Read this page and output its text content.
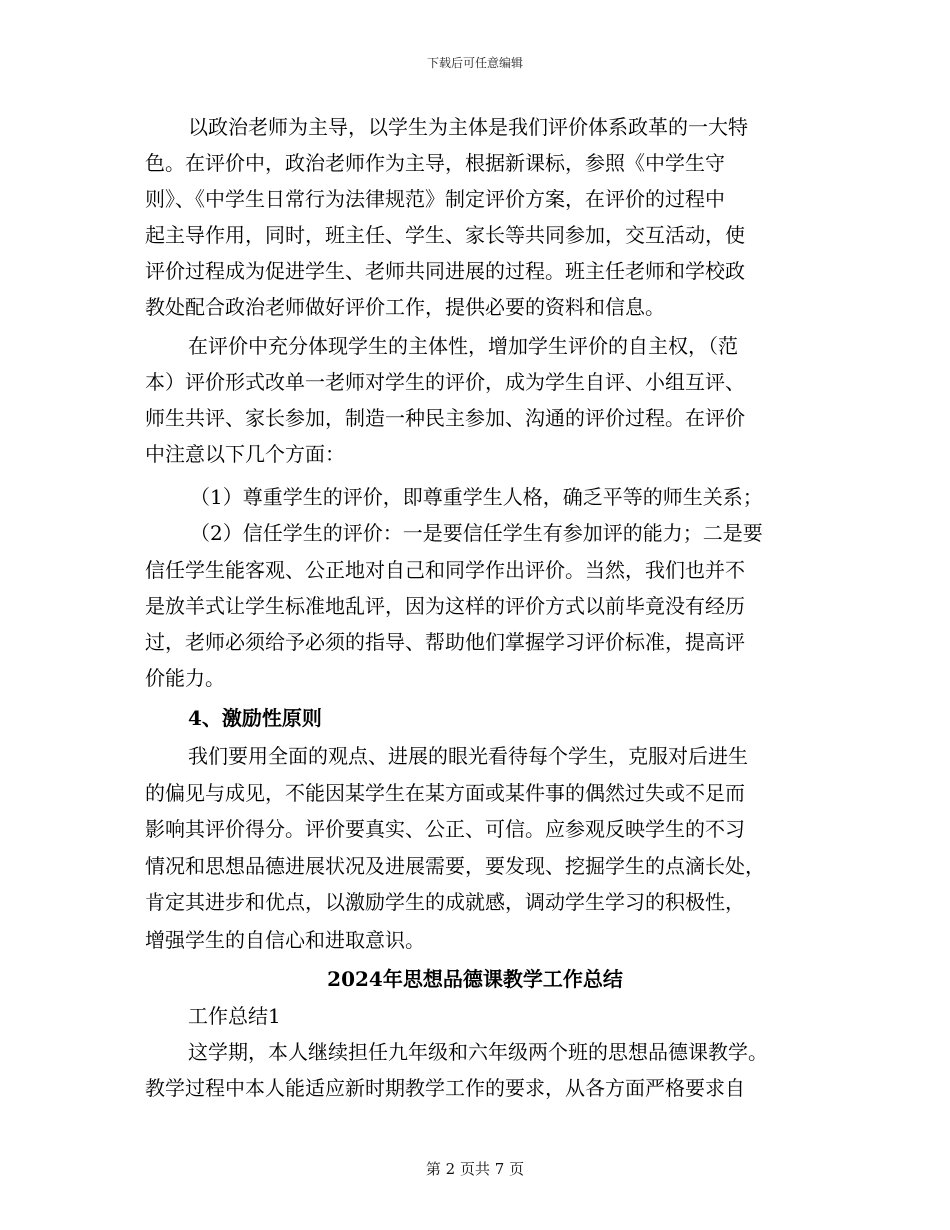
下载后可任意编辑
以政治老师为主导，以学生为主体是我们评价体系政革的一大特
色。在评价中，政治老师作为主导，根据新课标，参照《中学生守
则》、《中学生日常行为法律规范》制定评价方案，在评价的过程中
起主导作用，同时，班主任、学生、家长等共同参加，交互活动，使
评价过程成为促进学生、老师共同进展的过程。班主任老师和学校政
教处配合政治老师做好评价工作，提供必要的资料和信息。
在评价中充分体现学生的主体性，增加学生评价的自主权，（范
本）评价形式改单一老师对学生的评价，成为学生自评、小组互评、
师生共评、家长参加，制造一种民主参加、沟通的评价过程。在评价
中注意以下几个方面：
（1）尊重学生的评价，即尊重学生人格，确乏平等的师生关系；
（2）信任学生的评价：一是要信任学生有参加评的能力；二是要
信任学生能客观、公正地对自己和同学作出评价。当然，我们也并不
是放羊式让学生标准地乱评，因为这样的评价方式以前毕竟没有经历
过，老师必须给予必须的指导、帮助他们掌握学习评价标准，提高评
价能力。
4、激励性原则
我们要用全面的观点、进展的眼光看待每个学生，克服对后进生
的偏见与成见，不能因某学生在某方面或某件事的偶然过失或不足而
影响其评价得分。评价要真实、公正、可信。应参观反映学生的不习
情况和思想品德进展状况及进展需要，要发现、挖掘学生的点滴长处，
肯定其进步和优点，以激励学生的成就感，调动学生学习的积极性，
增强学生的自信心和进取意识。
2024年思想品德课教学工作总结
工作总结1
这学期，本人继续担任九年级和六年级两个班的思想品德课教学。
教学过程中本人能适应新时期教学工作的要求，从各方面严格要求自
第 2 页共 7 页
